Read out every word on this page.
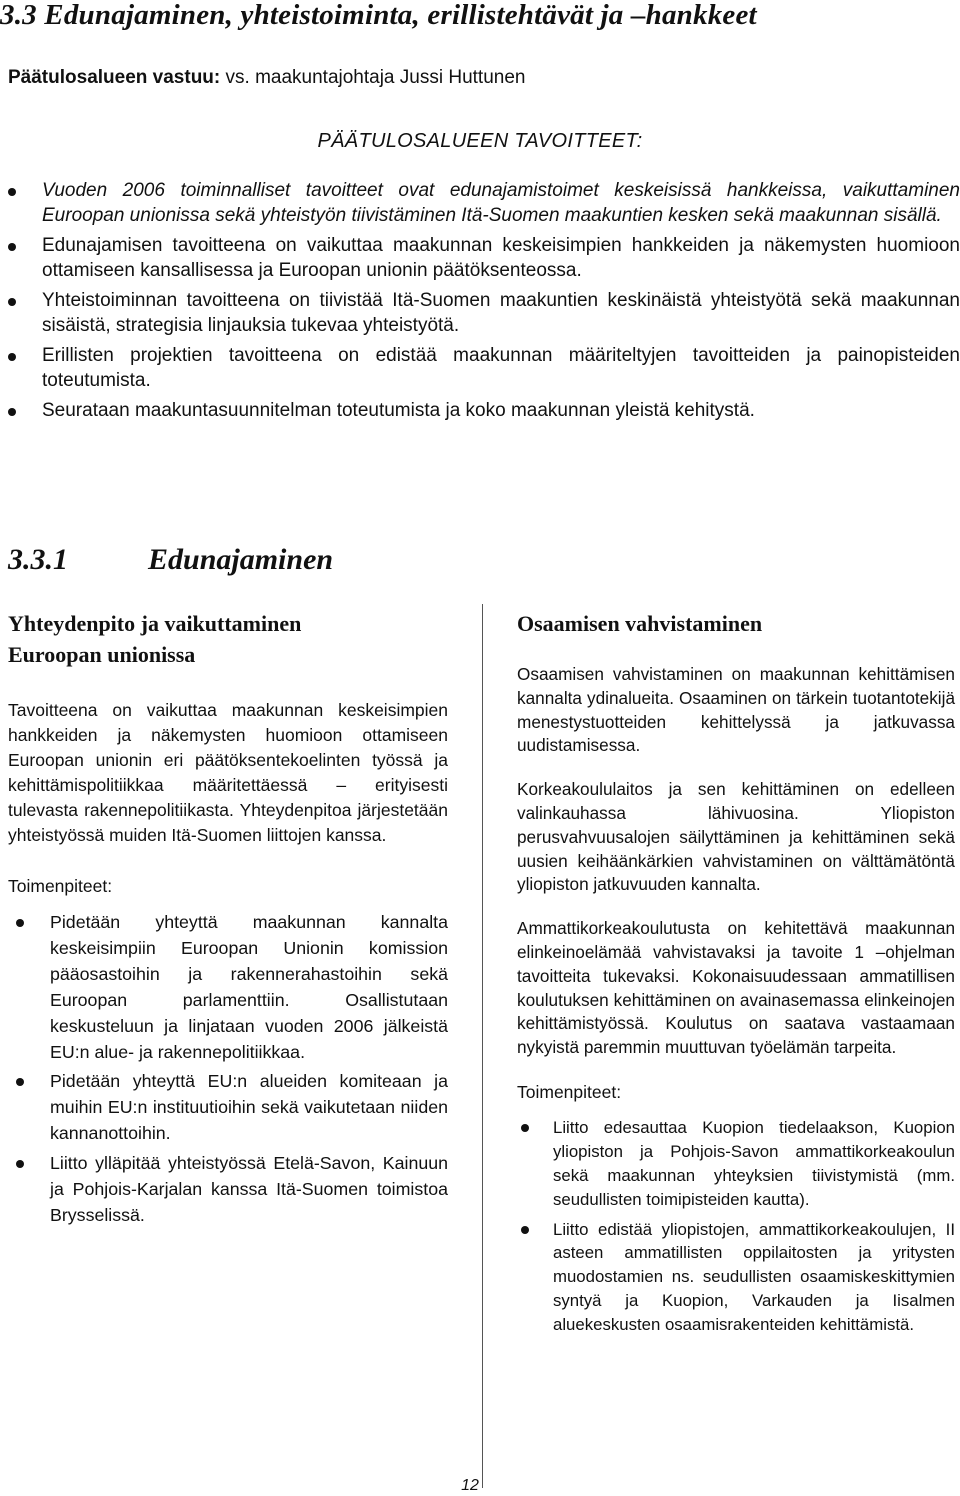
3.3 Edunajaminen, yhteistoiminta, erillistehtävät ja –hankkeet
Päätulosalueen vastuu: vs. maakuntajohtaja Jussi Huttunen
PÄÄTULOSALUEEN TAVOITTEET:
Vuoden 2006 toiminnalliset tavoitteet ovat edunajamistoimet keskeisissä hankkeissa, vaikuttaminen Euroopan unionissa sekä yhteistyön tiivistäminen Itä-Suomen maakuntien kesken sekä maakunnan sisällä.
Edunajamisen tavoitteena on vaikuttaa maakunnan keskeisimpien hankkeiden ja näkemysten huomioon ottamiseen kansallisessa ja Euroopan unionin päätöksenteossa.
Yhteistoiminnan tavoitteena on tiivistää Itä-Suomen maakuntien keskinäistä yhteistyötä sekä maakunnan sisäistä, strategisia linjauksia tukevaa yhteistyötä.
Erillisten projektien tavoitteena on edistää maakunnan määriteltyjen tavoitteiden ja painopisteiden toteutumista.
Seurataan maakuntasuunnitelman toteutumista ja koko maakunnan yleistä kehitystä.
3.3.1	Edunajaminen
Yhteydenpito ja vaikuttaminen Euroopan unionissa
Tavoitteena on vaikuttaa maakunnan keskeisimpien hankkeiden ja näkemysten huomioon ottamiseen Euroopan unionin eri päätöksentekoelinten työssä ja kehittämispolitiikkaa määritettäessä – erityisesti tulevasta rakennepolitiikasta. Yhteydenpitoa järjestetään yhteistyössä muiden Itä-Suomen liittojen kanssa.
Toimenpiteet:
Pidetään yhteyttä maakunnan kannalta keskeisimpiin Euroopan Unionin komission pääosastoihin ja rakennerahastoihin sekä Euroopan parlamenttiin. Osallistutaan keskusteluun ja linjataan vuoden 2006 jälkeistä EU:n alue- ja rakennepolitiikkaa.
Pidetään yhteyttä EU:n alueiden komiteaan ja muihin EU:n instituutioihin sekä vaikutetaan niiden kannanottoihin.
Liitto ylläpitää yhteistyössä Etelä-Savon, Kainuun ja Pohjois-Karjalan kanssa Itä-Suomen toimistoa Brysselissä.
Osaamisen vahvistaminen

Osaamisen vahvistaminen on maakunnan kehittämisen kannalta ydinalueita. Osaaminen on tärkein tuotantotekijä menestystuotteiden kehittelyssä ja jatkuvassa uudistamisessa.

Korkeakoululaitos ja sen kehittäminen on edelleen valinkauhassa lähivuosina. Yliopiston perusvahvuusalojen säilyttäminen ja kehittäminen sekä uusien keihäänkärkien vahvistaminen on välttämätöntä yliopiston jatkuvuuden kannalta.

Ammattikorkeakoulutusta on kehitettävä maakunnan elinkeinoelämää vahvistavaksi ja tavoite 1 –ohjelman tavoitteita tukevaksi. Kokonaisuudessaan ammatillisen koulutuksen kehittäminen on avainasemassa elinkeinojen kehittämistyössä. Koulutus on saatava vastaamaan nykyistä paremmin muuttuvan työelämän tarpeita.

Toimenpiteet:
Liitto edesauttaa Kuopion tiedelaakson, Kuopion yliopiston ja Pohjois-Savon ammattikorkeakoulun sekä maakunnan yhteyksien tiivistymistä (mm. seudullisten toimipisteiden kautta).
Liitto edistää yliopistojen, ammattikorkeakoulujen, II asteen ammatillisten oppilaitosten ja yritysten muodostamien ns. seudullisten osaamiskeskittymien syntyä ja Kuopion, Varkauden ja Iisalmen aluekeskusten osaamisrakenteiden kehittämistä.
12
